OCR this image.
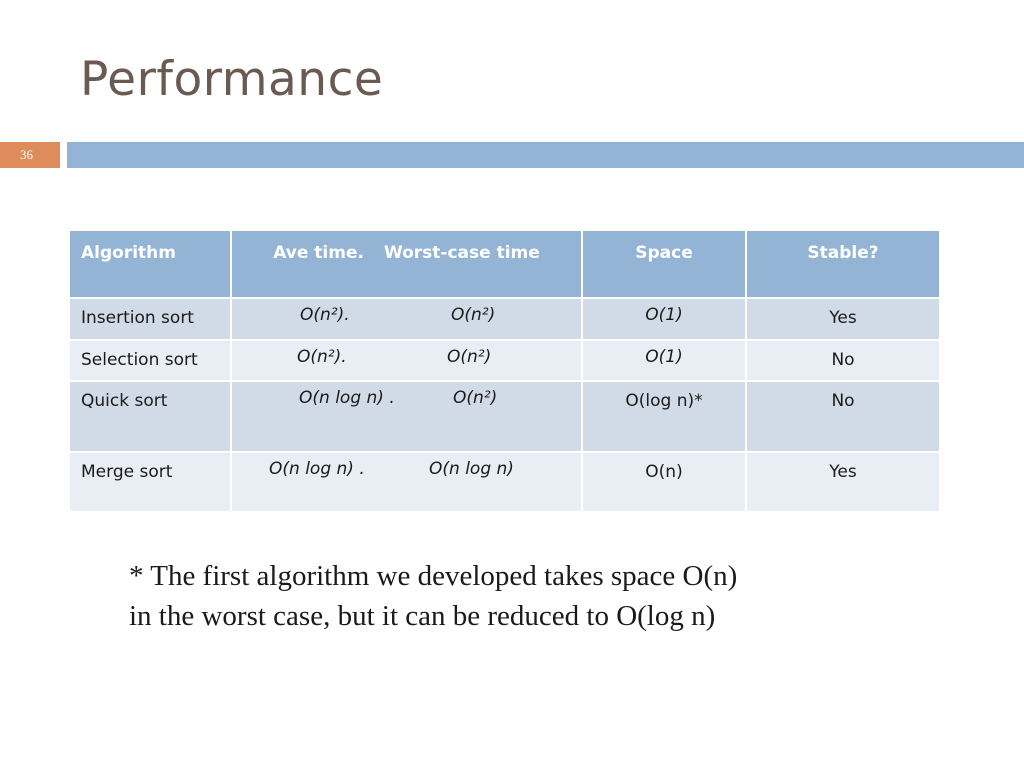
Performance
36
Algorithm	Ave time. Worst-case time	Space	Stable?
Insertion sort	O(n²). O(n²)	O(1)	Yes
Selection sort	O(n²). O(n²)	O(1)	No
Quick sort	O(n log n) . O(n²)	O(log n)*	No
Merge sort	O(n log n) . O(n log n)	O(n)	Yes
* The first algorithm we developed takes space O(n)
in the worst case, but it can be reduced to O(log n)
